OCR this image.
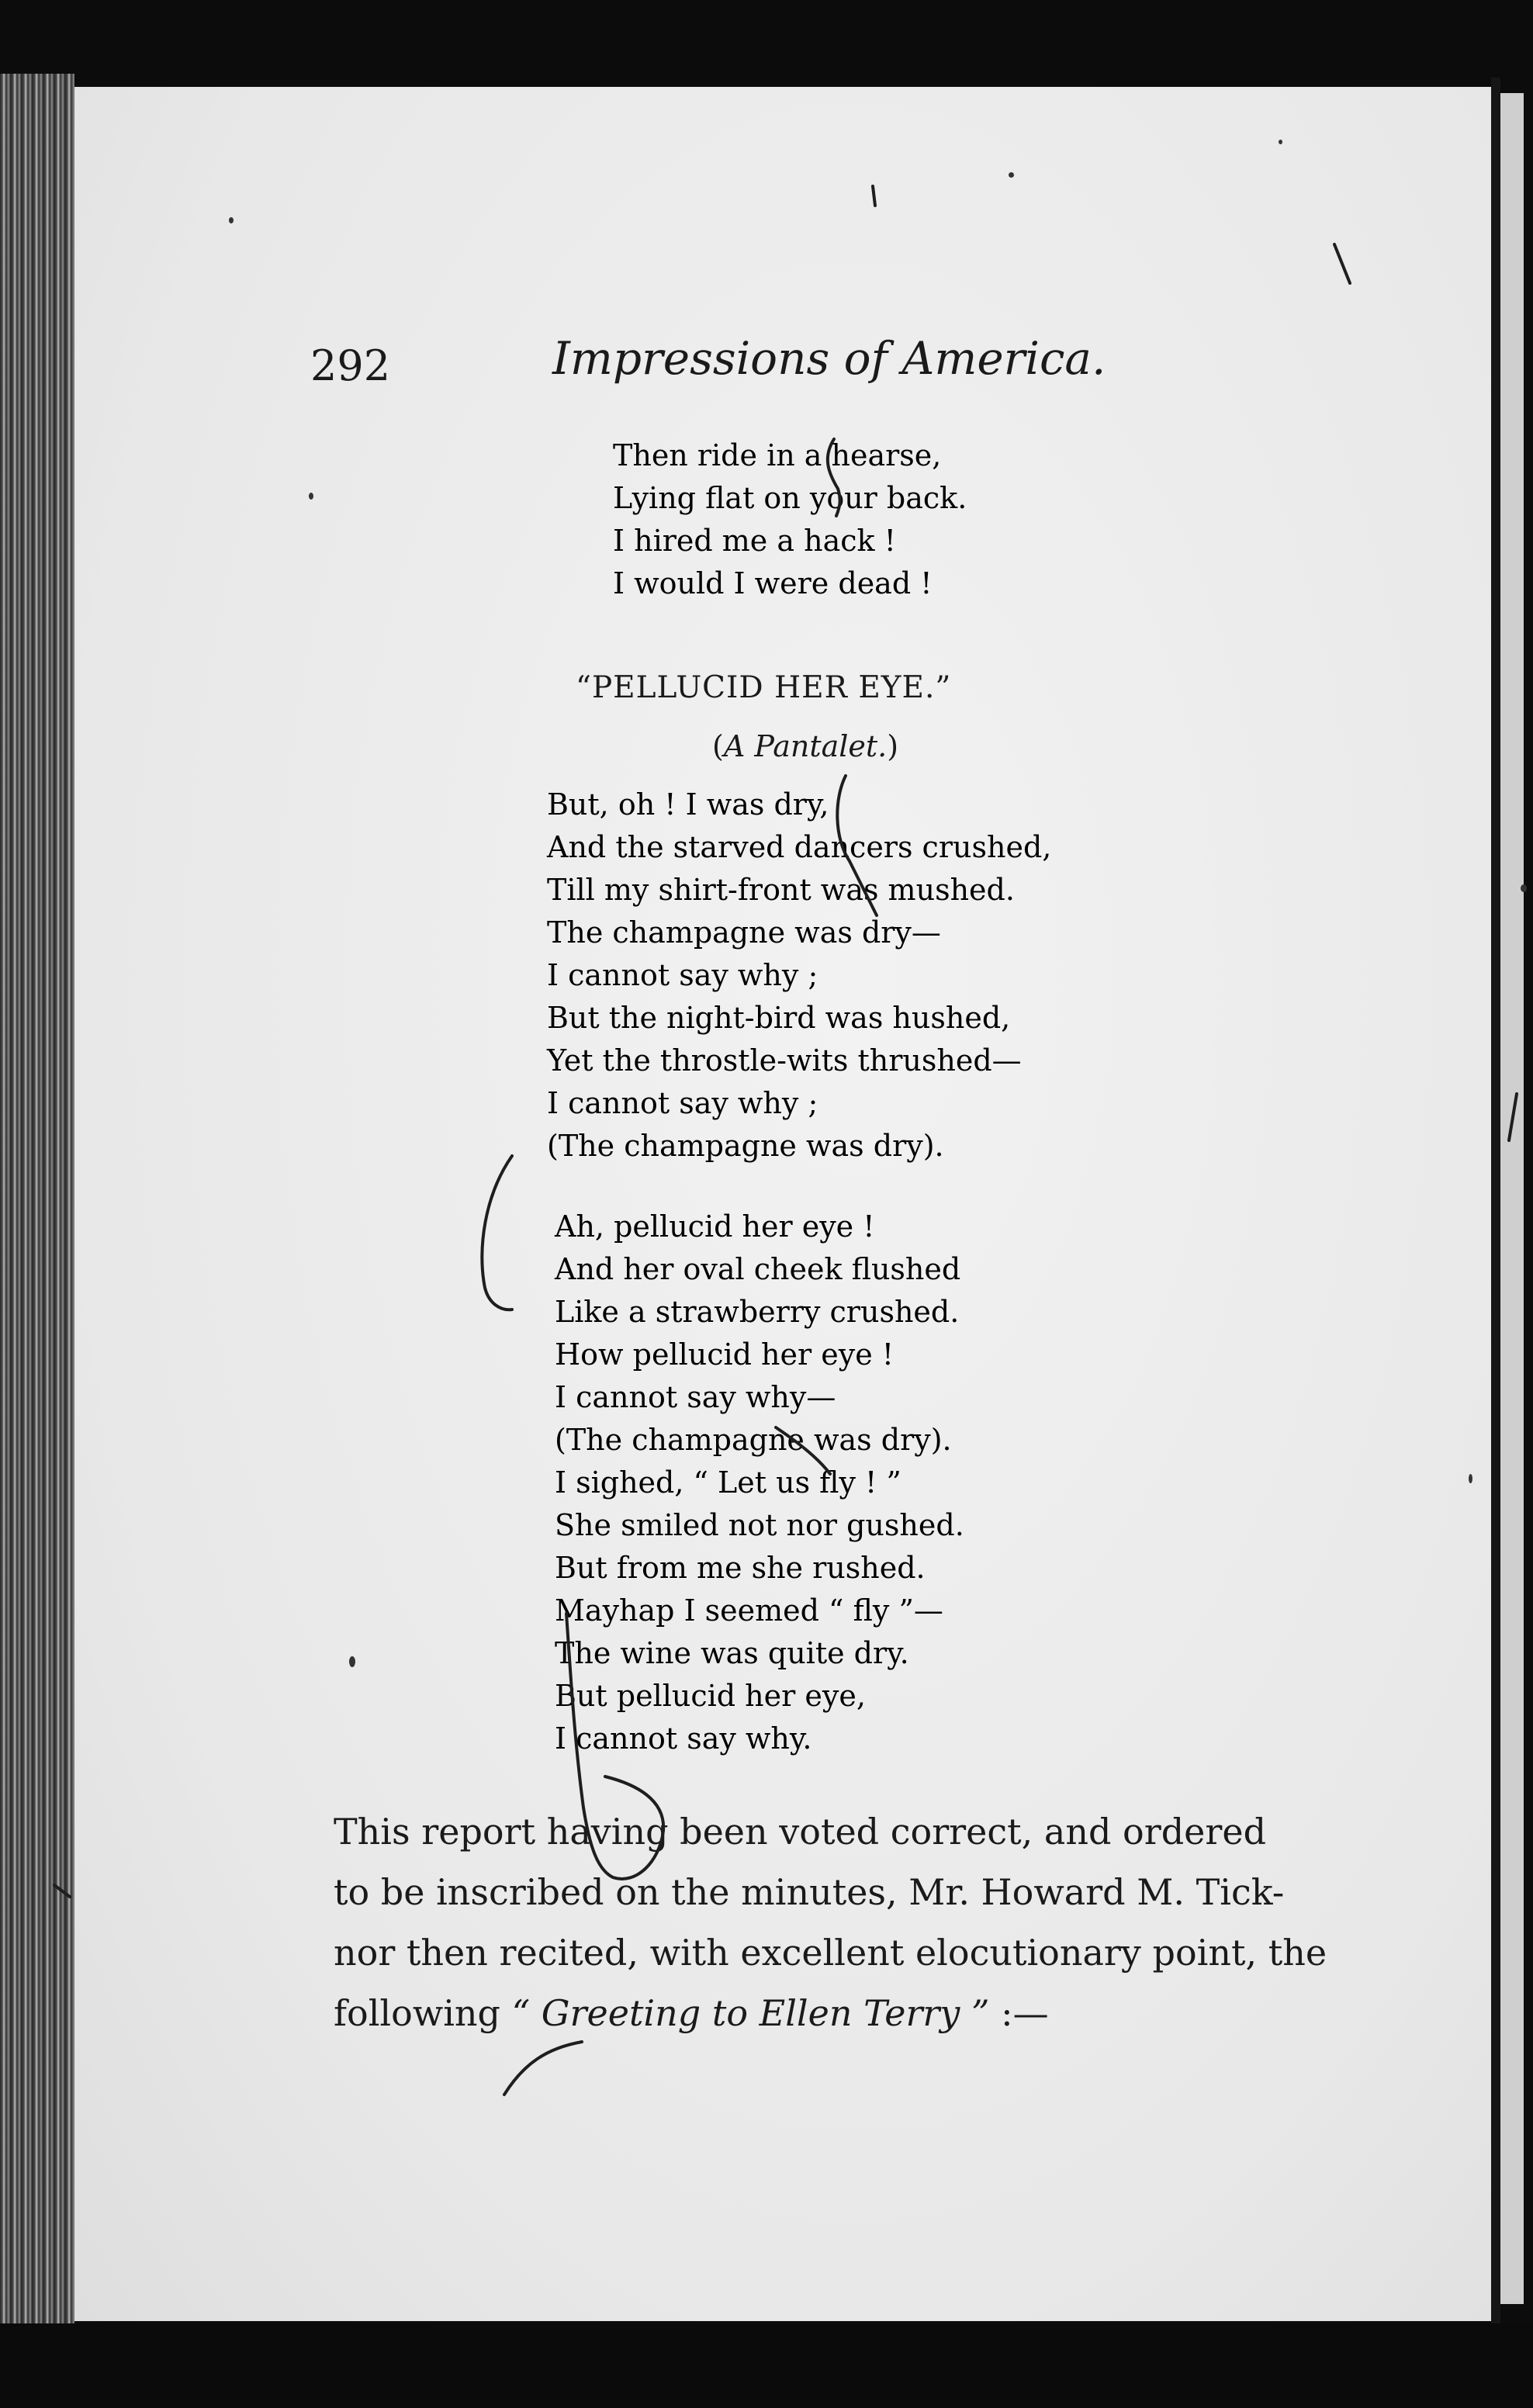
292	Impressions of America.
Then ride in a hearse,
Lying flat on your back.
I hired me a hack !
I would I were dead !
“PELLUCID HER EYE.”
(A Pantalet.)
But, oh ! I was dry,
And the starved dancers crushed,
Till my shirt-front was mushed.
The champagne was dry—
I cannot say why ;
But the night-bird was hushed,
Yet the throstle-wits thrushed—
I cannot say why ;
(The champagne was dry).
Ah, pellucid her eye !
And her oval cheek flushed
Like a strawberry crushed.
How pellucid her eye !
I cannot say why—
(The champagne was dry).
I sighed, “ Let us fly ! ”
She smiled not nor gushed.
But from me she rushed.
Mayhap I seemed “ fly ”—
The wine was quite dry.
But pellucid her eye,
I cannot say why.
This report having been voted correct, and ordered
to be inscribed on the minutes, Mr. Howard M. Tick-
nor then recited, with excellent elocutionary point, the
following “ Greeting to Ellen Terry ” :—
